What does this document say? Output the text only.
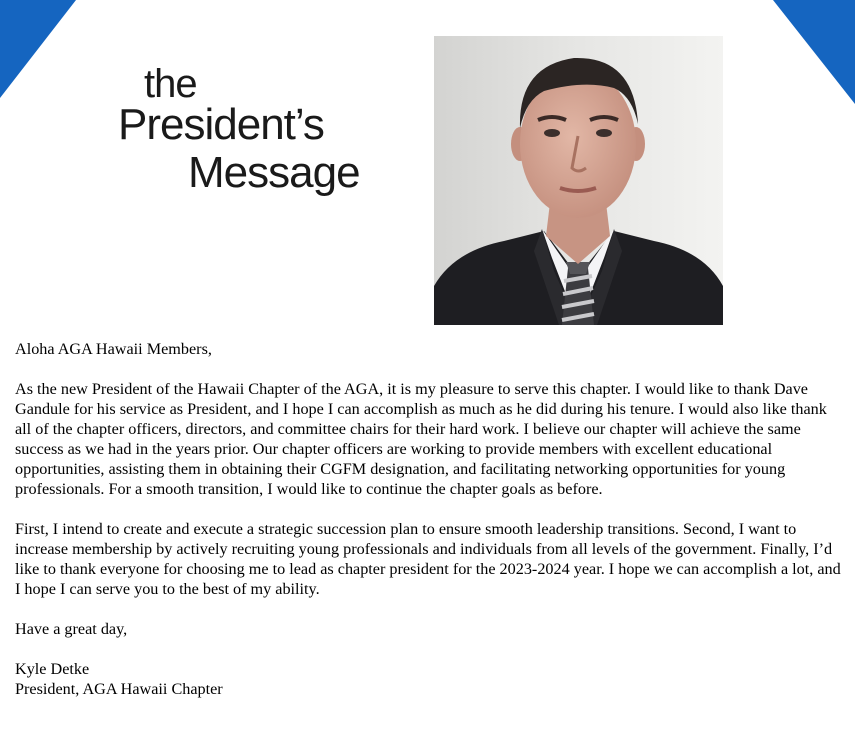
the
President’s
Message

Aloha AGA Hawaii Members,

As the new President of the Hawaii Chapter of the AGA, it is my pleasure to serve this chapter. I would like to thank Dave Gandule for his service as President, and I hope I can accomplish as much as he did during his tenure. I would also like thank all of the chapter officers, directors, and committee chairs for their hard work. I believe our chapter will achieve the same success as we had in the years prior. Our chapter officers are working to provide members with excellent educational opportunities, assisting them in obtaining their CGFM designation, and facilitating networking opportunities for young professionals. For a smooth transition, I would like to continue the chapter goals as before.

First, I intend to create and execute a strategic succession plan to ensure smooth leadership transitions. Second, I want to increase membership by actively recruiting young professionals and individuals from all levels of the government. Finally, I’d like to thank everyone for choosing me to lead as chapter president for the 2023-2024 year. I hope we can accomplish a lot, and I hope I can serve you to the best of my ability.

Have a great day,

Kyle Detke

President, AGA Hawaii Chapter
